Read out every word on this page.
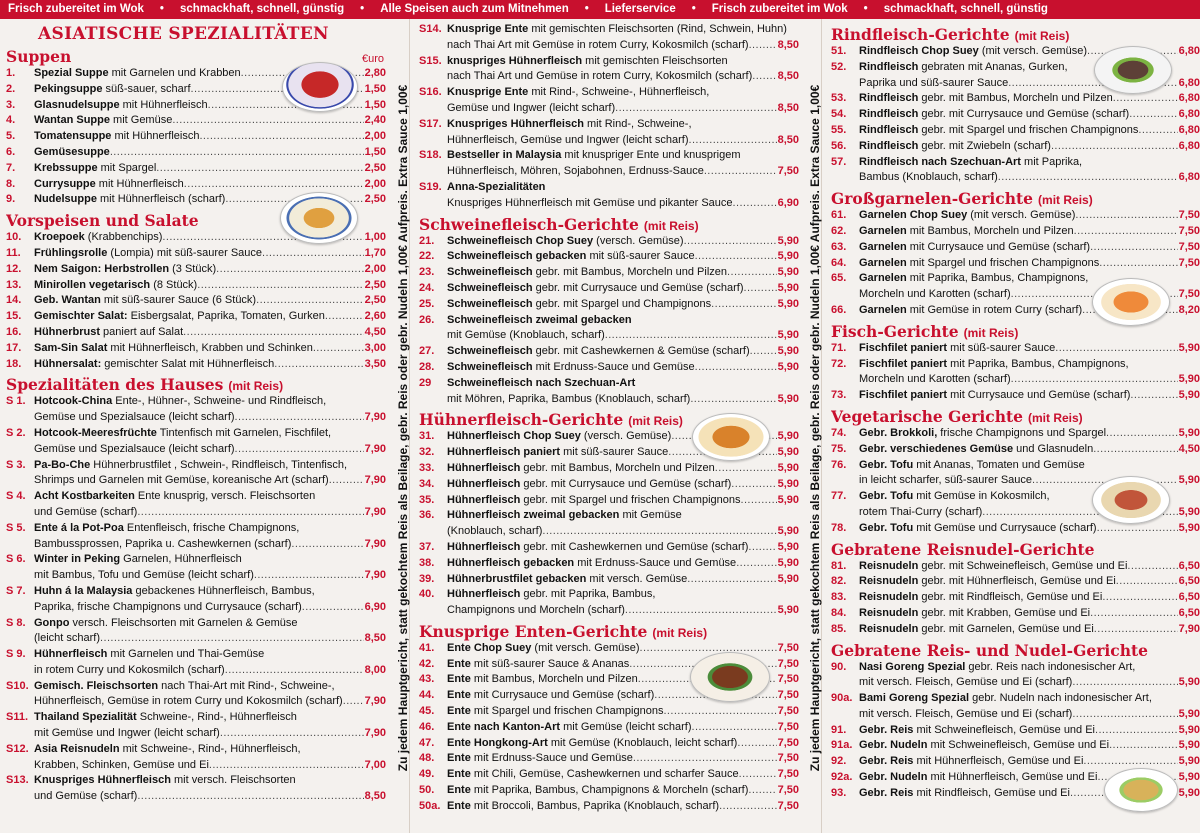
Frisch zubereitet im Wok • schmackhaft, schnell, günstig • Alle Speisen auch zum Mitnehmen • Lieferservice • Frisch zubereitet im Wok • schmackhaft, schnell, günstig
ASIATISCHE SPEZIALITÄTEN
Suppen	€uro
1.	Spezial Suppe mit Garnelen und Krabben .....	2,80
2.	Pekingsuppe süß-sauer, scharf .....	1,50
3.	Glasnudelsuppe mit Hühnerfleisch .....	1,50
4.	Wantan Suppe mit Gemüse .....	2,40
5.	Tomatensuppe mit Hühnerfleisch .....	2,00
6.	Gemüsesuppe .....	1,50
7.	Krebssuppe mit Spargel .....	2,50
8.	Currysuppe mit Hühnerfleisch .....	2,00
9.	Nudelsuppe mit Hühnerfleisch (scharf) .....	2,50
Vorspeisen und Salate
10.	Kroepoek (Krabbenchips) .....	1,00
11.	Frühlingsrolle (Lompia) mit süß-saurer Sauce .....	1,70
12.	Nem Saigon: Herbstrollen (3 Stück) .....	2,00
13.	Minirollen vegetarisch (8 Stück) .....	2,50
14.	Geb. Wantan mit süß-saurer Sauce (6 Stück) .....	2,50
15.	Gemischter Salat: Eisbergsalat, Paprika, Tomaten, Gurken .....	2,60
16.	Hühnerbrust paniert auf Salat .....	4,50
17.	Sam-Sin Salat mit Hühnerfleisch, Krabben und Schinken .....	3,00
18.	Hühnersalat: gemischter Salat mit Hühnerfleisch .....	3,50
Spezialitäten des Hauses (mit Reis)
S 1. Hotcook-China Ente-, Hühner-, Schweine- und Rindfleisch,
Gemüse und Spezialsauce (leicht scharf) .....	7,90
S 2. Hotcook-Meeresfrüchte Tintenfisch mit Garnelen, Fischfilet,
Gemüse und Spezialsauce (leicht scharf) .....	7,90
S 3. Pa-Bo-Che Hühnerbrustfilet , Schwein-, Rindfleisch, Tintenfisch,
Shrimps und Garnelen mit Gemüse, koreanische Art (scharf) .....	7,90
S 4. Acht Kostbarkeiten Ente knusprig, versch. Fleischsorten
und Gemüse (scharf) .....	7,90
S 5. Ente á la Pot-Poa Entenfleisch, frische Champignons,
Bambussprossen, Paprika u. Cashewkernen (scharf) .....	7,90
S 6. Winter in Peking Garnelen, Hühnerfleisch
mit Bambus, Tofu und Gemüse (leicht scharf) .....	7,90
S 7. Huhn á la Malaysia gebackenes Hühnerfleisch, Bambus,
Paprika, frische Champignons und Currysauce (scharf) .....	6,90
S 8. Gonpo versch. Fleischsorten mit Garnelen & Gemüse
(leicht scharf) .....	8,50
S 9. Hühnerfleisch mit Garnelen und Thai-Gemüse
in rotem Curry und Kokosmilch (scharf) .....	8,00
S10. Gemisch. Fleischsorten nach Thai-Art mit Rind-, Schweine-,
Hühnerfleisch, Gemüse in rotem Curry und Kokosmilch (scharf) ..... 7,90
S11. Thailand Spezialität Schweine-, Rind-, Hühnerfleisch
mit Gemüse und Ingwer (leicht scharf) .....	7,90
S12. Asia Reisnudeln mit Schweine-, Rind-, Hühnerfleisch,
Krabben, Schinken, Gemüse und Ei .....	7,00
S13. Knuspriges Hühnerfleisch mit versch. Fleischsorten
und Gemüse (scharf) .....	8,50
Zu jedem Hauptgericht, statt gekochtem Reis als Beilage, gebr. Reis oder gebr. Nudeln 1,00€ Aufpreis. Extra Sauce 1,00€
S14. Knusprige Ente mit gemischten Fleischsorten (Rind, Schwein, Huhn)
nach Thai Art mit Gemüse in rotem Curry, Kokosmilch (scharf) .....	8,50
S15. knuspriges Hühnerfleisch mit gemischten Fleischsorten
nach Thai Art und Gemüse in rotem Curry, Kokosmilch (scharf) ..... 8,50
S16. Knusprige Ente mit Rind-, Schweine-, Hühnerfleisch,
Gemüse und Ingwer (leicht scharf) .....	8,50
S17. Knuspriges Hühnerfleisch mit Rind-, Schweine-,
Hühnerfleisch, Gemüse und Ingwer (leicht scharf) .....	8,50
S18. Bestseller in Malaysia mit knuspriger Ente und knusprigem
Hühnerfleisch, Möhren, Sojabohnen, Erdnuss-Sauce .....	7,50
S19. Anna-Spezialitäten
Knuspriges Hühnerfleisch mit Gemüse und pikanter Sauce .....	6,90
Schweinefleisch-Gerichte (mit Reis)
21.	Schweinefleisch Chop Suey (versch. Gemüse) .....	5,90
22.	Schweinefleisch gebacken mit süß-saurer Sauce .....	5,90
23.	Schweinefleisch gebr. mit Bambus, Morcheln und Pilzen .....	5,90
24.	Schweinefleisch gebr. mit Currysauce und Gemüse (scharf) .....	5,90
25.	Schweinefleisch gebr. mit Spargel und Champignons .....	5,90
26.	Schweinefleisch zweimal gebacken
mit Gemüse (Knoblauch, scharf) .....	5,90
27.	Schweinefleisch gebr. mit Cashewkernen & Gemüse (scharf) .....	5,90
28.	Schweinefleisch mit Erdnuss-Sauce und Gemüse .....	5,90
29	Schweinefleisch nach Szechuan-Art
mit Möhren, Paprika, Bambus (Knoblauch, scharf) .....	5,90
Hühnerfleisch-Gerichte (mit Reis)
31.	Hühnerfleisch Chop Suey (versch. Gemüse) .....	5,90
32.	Hühnerfleisch paniert mit süß-saurer Sauce .....	5,90
33.	Hühnerfleisch gebr. mit Bambus, Morcheln und Pilzen .....	5,90
34.	Hühnerfleisch gebr. mit Currysauce und Gemüse (scharf) .....	5,90
35.	Hühnerfleisch gebr. mit Spargel und frischen Champignons .....	5,90
36.	Hühnerfleisch zweimal gebacken mit Gemüse
(Knoblauch, scharf) .....	5,90
37.	Hühnerfleisch gebr. mit Cashewkernen und Gemüse (scharf) .....	5,90
38.	Hühnerfleisch gebacken mit Erdnuss-Sauce und Gemüse .....	5,90
39.	Hühnerbrustfilet gebacken mit versch. Gemüse .....	5,90
40.	Hühnerfleisch gebr. mit Paprika, Bambus,
Champignons und Morcheln (scharf) .....	5,90
Knusprige Enten-Gerichte (mit Reis)
41.	Ente Chop Suey (mit versch. Gemüse) .....	7,50
42.	Ente mit süß-saurer Sauce & Ananas .....	7,50
43.	Ente mit Bambus, Morcheln und Pilzen .....	7,50
44.	Ente mit Currysauce und Gemüse (scharf) .....	7,50
45.	Ente mit Spargel und frischen Champignons .....	7,50
46.	Ente nach Kanton-Art mit Gemüse (leicht scharf) .....	7,50
47.	Ente Hongkong-Art mit Gemüse (Knoblauch, leicht scharf) .....	7,50
48.	Ente mit Erdnuss-Sauce und Gemüse .....	7,50
49.	Ente mit Chili, Gemüse, Cashewkernen und scharfer Sauce .....	7,50
50.	Ente mit Paprika, Bambus, Champignons & Morcheln (scharf) .....	7,50
50a. Ente mit Broccoli, Bambus, Paprika (Knoblauch, scharf) .....	7,50
Zu jedem Hauptgericht, statt gekochtem Reis als Beilage, gebr. Reis oder gebr. Nudeln 1,00€ Aufpreis. Extra Sauce 1,00€
Rindfleisch-Gerichte (mit Reis)
51.	Rindfleisch Chop Suey (mit versch. Gemüse) .....	6,80
52.	Rindfleisch gebraten mit Ananas, Gurken,
Paprika und süß-saurer Sauce .....	6,80
53.	Rindfleisch gebr. mit Bambus, Morcheln und Pilzen .....	6,80
54.	Rindfleisch gebr. mit Currysauce und Gemüse (scharf) .....	6,80
55.	Rindfleisch gebr. mit Spargel und frischen Champignons .....	6,80
56.	Rindfleisch gebr. mit Zwiebeln (scharf) .....	6,80
57.	Rindfleisch nach Szechuan-Art mit Paprika,
Bambus (Knoblauch, scharf) .....	6,80
Großgarnelen-Gerichte (mit Reis)
61.	Garnelen Chop Suey (mit versch. Gemüse) .....	7,50
62.	Garnelen mit Bambus, Morcheln und Pilzen .....	7,50
63.	Garnelen mit Currysauce und Gemüse (scharf) .....	7,50
64.	Garnelen mit Spargel und frischen Champignons .....	7,50
65.	Garnelen mit Paprika, Bambus, Champignons,
Morcheln und Karotten (scharf) .....	7,50
66.	Garnelen mit Gemüse in rotem Curry (scharf) .....	8,20
Fisch-Gerichte (mit Reis)
71.	Fischfilet paniert mit süß-saurer Sauce .....	5,90
72.	Fischfilet paniert mit Paprika, Bambus, Champignons,
Morcheln und Karotten (scharf) .....	5,90
73.	Fischfilet paniert mit Currysauce und Gemüse (scharf) .....	5,90
Vegetarische Gerichte (mit Reis)
74.	Gebr. Brokkoli, frische Champignons und Spargel .....	5,90
75.	Gebr. verschiedenes Gemüse und Glasnudeln .....	4,50
76.	Gebr. Tofu mit Ananas, Tomaten und Gemüse
in leicht scharfer, süß-saurer Sauce .....	5,90
77.	Gebr. Tofu mit Gemüse in Kokosmilch,
rotem Thai-Curry (scharf) .....	5,90
78.	Gebr. Tofu mit Gemüse und Currysauce (scharf) .....	5,90
Gebratene Reisnudel-Gerichte
81.	Reisnudeln gebr. mit Schweinefleisch, Gemüse und Ei .....	6,50
82.	Reisnudeln gebr. mit Hühnerfleisch, Gemüse und Ei .....	6,50
83.	Reisnudeln gebr. mit Rindfleisch, Gemüse und Ei .....	6,50
84.	Reisnudeln gebr. mit Krabben, Gemüse und Ei .....	6,50
85.	Reisnudeln gebr. mit Garnelen, Gemüse und Ei .....	7,90
Gebratene Reis- und Nudel-Gerichte
90.	Nasi Goreng Spezial gebr. Reis nach indonesischer Art,
mit versch. Fleisch, Gemüse und Ei (scharf) .....	5,90
90a. Bami Goreng Spezial gebr. Nudeln nach indonesischer Art,
mit versch. Fleisch, Gemüse und Ei (scharf) .....	5,90
91.	Gebr. Reis mit Schweinefleisch, Gemüse und Ei .....	5,90
91a. Gebr. Nudeln mit Schweinefleisch, Gemüse und Ei .....	5,90
92.	Gebr. Reis mit Hühnerfleisch, Gemüse und Ei .....	5,90
92a. Gebr. Nudeln mit Hühnerfleisch, Gemüse und Ei .....	5,90
93.	Gebr. Reis mit Rindfleisch, Gemüse und Ei .....	5,90
